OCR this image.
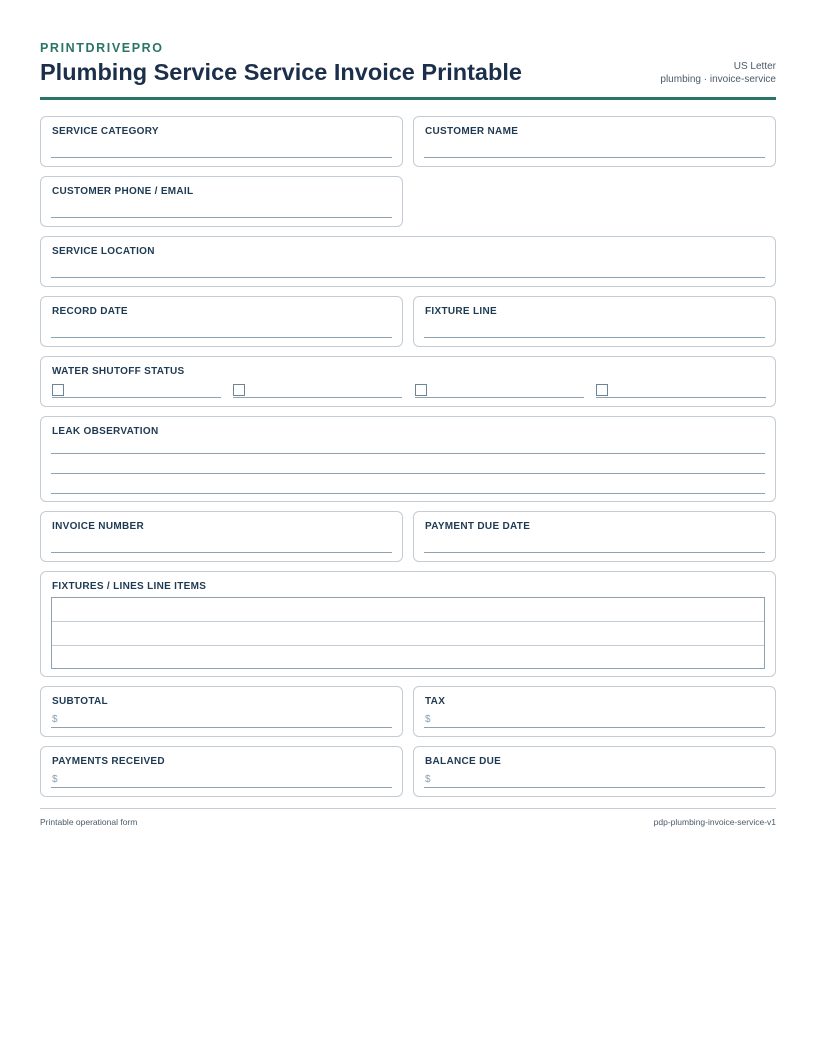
PRINTDRIVEPRO
Plumbing Service Service Invoice Printable	US Letter
plumbing · invoice-service
SERVICE CATEGORY	CUSTOMER NAME
CUSTOMER PHONE / EMAIL
SERVICE LOCATION
RECORD DATE	FIXTURE LINE
WATER SHUTOFF STATUS
LEAK OBSERVATION
INVOICE NUMBER	PAYMENT DUE DATE
FIXTURES / LINES LINE ITEMS
SUBTOTAL
$
TAX
$
PAYMENTS RECEIVED
$
BALANCE DUE
$
Printable operational form	pdp-plumbing-invoice-service-v1
